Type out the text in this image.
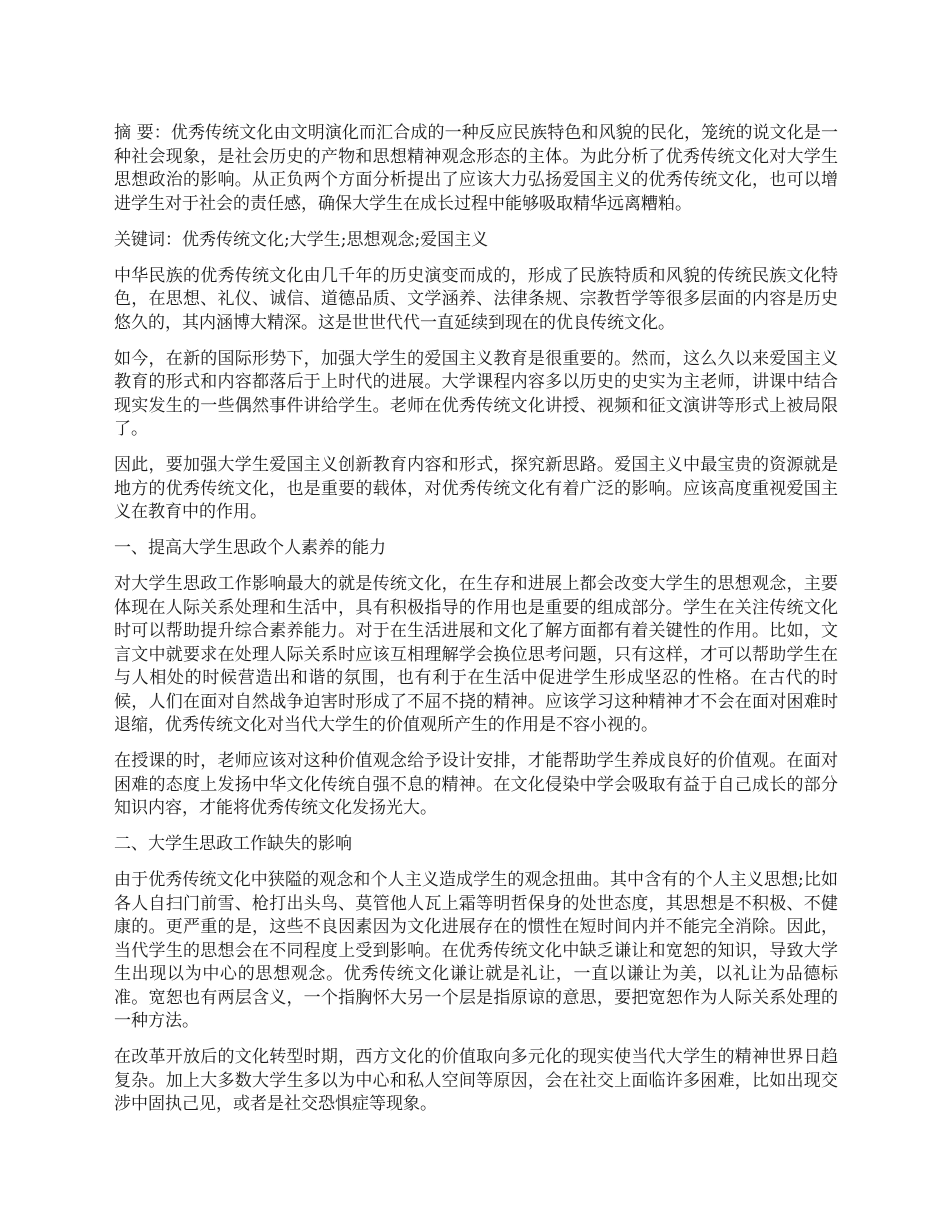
摘 要：优秀传统文化由文明演化而汇合成的一种反应民族特色和风貌的民化，笼统的说文化是一种社会现象，是社会历史的产物和思想精神观念形态的主体。为此分析了优秀传统文化对大学生思想政治的影响。从正负两个方面分析提出了应该大力弘扬爱国主义的优秀传统文化，也可以增进学生对于社会的责任感，确保大学生在成长过程中能够吸取精华远离糟粕。

关键词：优秀传统文化;大学生;思想观念;爱国主义

中华民族的优秀传统文化由几千年的历史演变而成的，形成了民族特质和风貌的传统民族文化特色，在思想、礼仪、诚信、道德品质、文学涵养、法律条规、宗教哲学等很多层面的内容是历史悠久的，其内涵博大精深。这是世世代代一直延续到现在的优良传统文化。

如今，在新的国际形势下，加强大学生的爱国主义教育是很重要的。然而，这么久以来爱国主义教育的形式和内容都落后于上时代的进展。大学课程内容多以历史的史实为主老师，讲课中结合现实发生的一些偶然事件讲给学生。老师在优秀传统文化讲授、视频和征文演讲等形式上被局限了。

因此，要加强大学生爱国主义创新教育内容和形式，探究新思路。爱国主义中最宝贵的资源就是地方的优秀传统文化，也是重要的载体，对优秀传统文化有着广泛的影响。应该高度重视爱国主义在教育中的作用。

一、提高大学生思政个人素养的能力

对大学生思政工作影响最大的就是传统文化，在生存和进展上都会改变大学生的思想观念，主要体现在人际关系处理和生活中，具有积极指导的作用也是重要的组成部分。学生在关注传统文化时可以帮助提升综合素养能力。对于在生活进展和文化了解方面都有着关键性的作用。比如，文言文中就要求在处理人际关系时应该互相理解学会换位思考问题，只有这样，才可以帮助学生在与人相处的时候营造出和谐的氛围，也有利于在生活中促进学生形成坚忍的性格。在古代的时候，人们在面对自然战争迫害时形成了不屈不挠的精神。应该学习这种精神才不会在面对困难时退缩，优秀传统文化对当代大学生的价值观所产生的作用是不容小视的。

在授课的时，老师应该对这种价值观念给予设计安排，才能帮助学生养成良好的价值观。在面对困难的态度上发扬中华文化传统自强不息的精神。在文化侵染中学会吸取有益于自己成长的部分知识内容，才能将优秀传统文化发扬光大。

二、大学生思政工作缺失的影响

由于优秀传统文化中狭隘的观念和个人主义造成学生的观念扭曲。其中含有的个人主义思想;比如各人自扫门前雪、枪打出头鸟、莫管他人瓦上霜等明哲保身的处世态度，其思想是不积极、不健康的。更严重的是，这些不良因素因为文化进展存在的惯性在短时间内并不能完全消除。因此，当代学生的思想会在不同程度上受到影响。在优秀传统文化中缺乏谦让和宽恕的知识，导致大学生出现以为中心的思想观念。优秀传统文化谦让就是礼让，一直以谦让为美，以礼让为品德标准。宽恕也有两层含义，一个指胸怀大另一个层是指原谅的意思，要把宽恕作为人际关系处理的一种方法。

在改革开放后的文化转型时期，西方文化的价值取向多元化的现实使当代大学生的精神世界日趋复杂。加上大多数大学生多以为中心和私人空间等原因，会在社交上面临许多困难，比如出现交涉中固执己见，或者是社交恐惧症等现象。
